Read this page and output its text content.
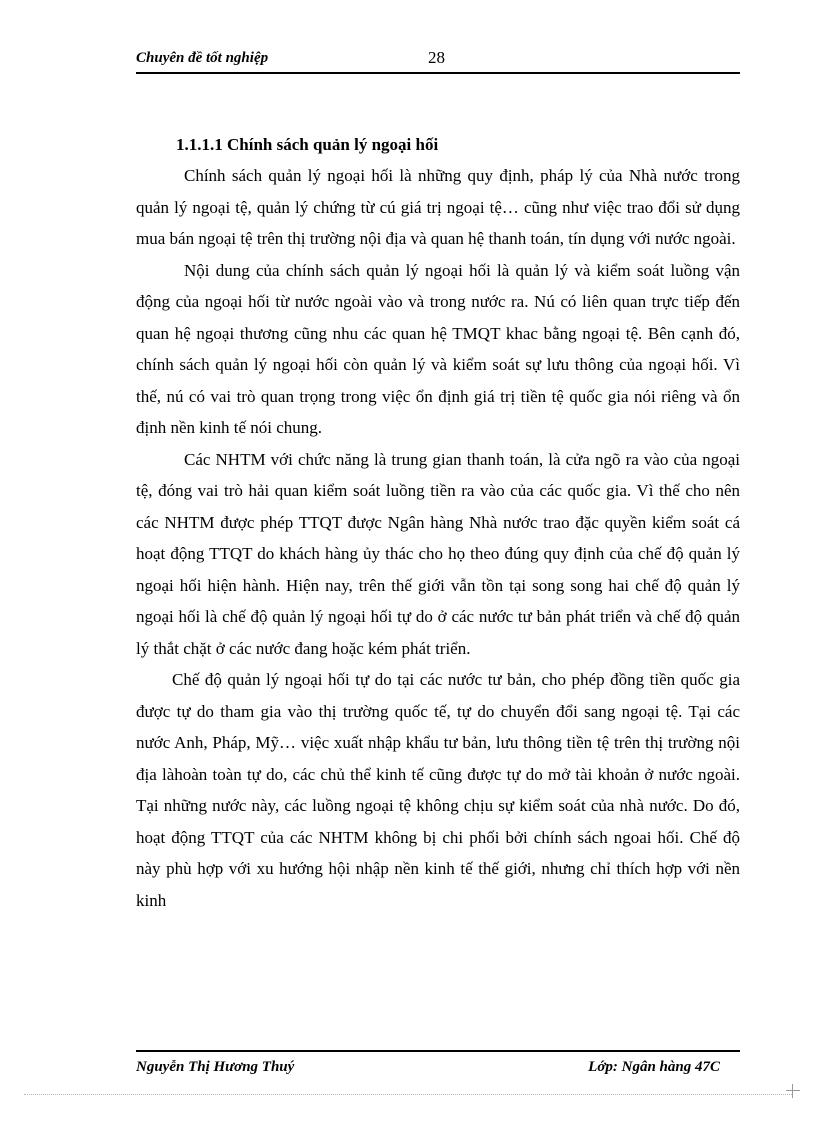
Chuyên đề tốt nghiệp	28
1.1.1.1 Chính sách quản lý ngoại hối

Chính sách quản lý ngoại hối là những quy định, pháp lý của Nhà nước trong quản lý ngoại tệ, quản lý chứng từ cú giá trị ngoại tệ… cũng như việc trao đổi sử dụng mua bán ngoại tệ trên thị trường nội địa và quan hệ thanh toán, tín dụng với nước ngoài.

Nội dung của chính sách quản lý ngoại hối là quản lý và kiểm soát luồng vận động của ngoại hối từ nước ngoài vào và trong nước ra. Nú có liên quan trực tiếp đến quan hệ ngoại thương cũng nhu các quan hệ TMQT khac bằng ngoại tệ. Bên cạnh đó, chính sách quản lý ngoại hối còn quản lý và kiểm soát sự lưu thông của ngoại hối. Vì thế, nú có vai trò quan trọng trong việc ổn định giá trị tiền tệ quốc gia nói riêng và ổn định nền kinh tế nói chung.

Các NHTM với chức năng là trung gian thanh toán, là cửa ngõ ra vào của ngoại tệ, đóng vai trò hải quan kiểm soát luồng tiền ra vào của các quốc gia. Vì thế cho nên các NHTM được phép TTQT được Ngân hàng Nhà nước trao đặc quyền kiểm soát cá hoạt động TTQT do khách hàng ủy thác cho họ theo đúng quy định của chế độ quản lý ngoại hối hiện hành. Hiện nay, trên thế giới vẫn tồn tại song song hai chế độ quản lý ngoại hối là chế độ quản lý ngoại hối tự do ở các nước tư bản phát triển và chế độ quản lý thắt chặt ở các nước đang hoặc kém phát triển.

Chế độ quản lý ngoại hối tự do tại các nước tư bản, cho phép đồng tiền quốc gia được tự do tham gia vào thị trường quốc tế, tự do chuyển đổi sang ngoại tệ. Tại các nước Anh, Pháp, Mỹ… việc xuất nhập khẩu tư bản, lưu thông tiền tệ trên thị trường nội địa làhoàn toàn tự do, các chủ thể kinh tế cũng được tự do mở tài khoản ở nước ngoài. Tại những nước này, các luồng ngoại tệ không chịu sự kiểm soát của nhà nước. Do đó, hoạt động TTQT của các NHTM không bị chi phối bởi chính sách ngoai hối. Chế độ này phù hợp với xu hướng hội nhập nền kinh tế thế giới, nhưng chỉ thích hợp với nền kinh

Nguyễn Thị Hương Thuý	Lớp: Ngân hàng 47C
